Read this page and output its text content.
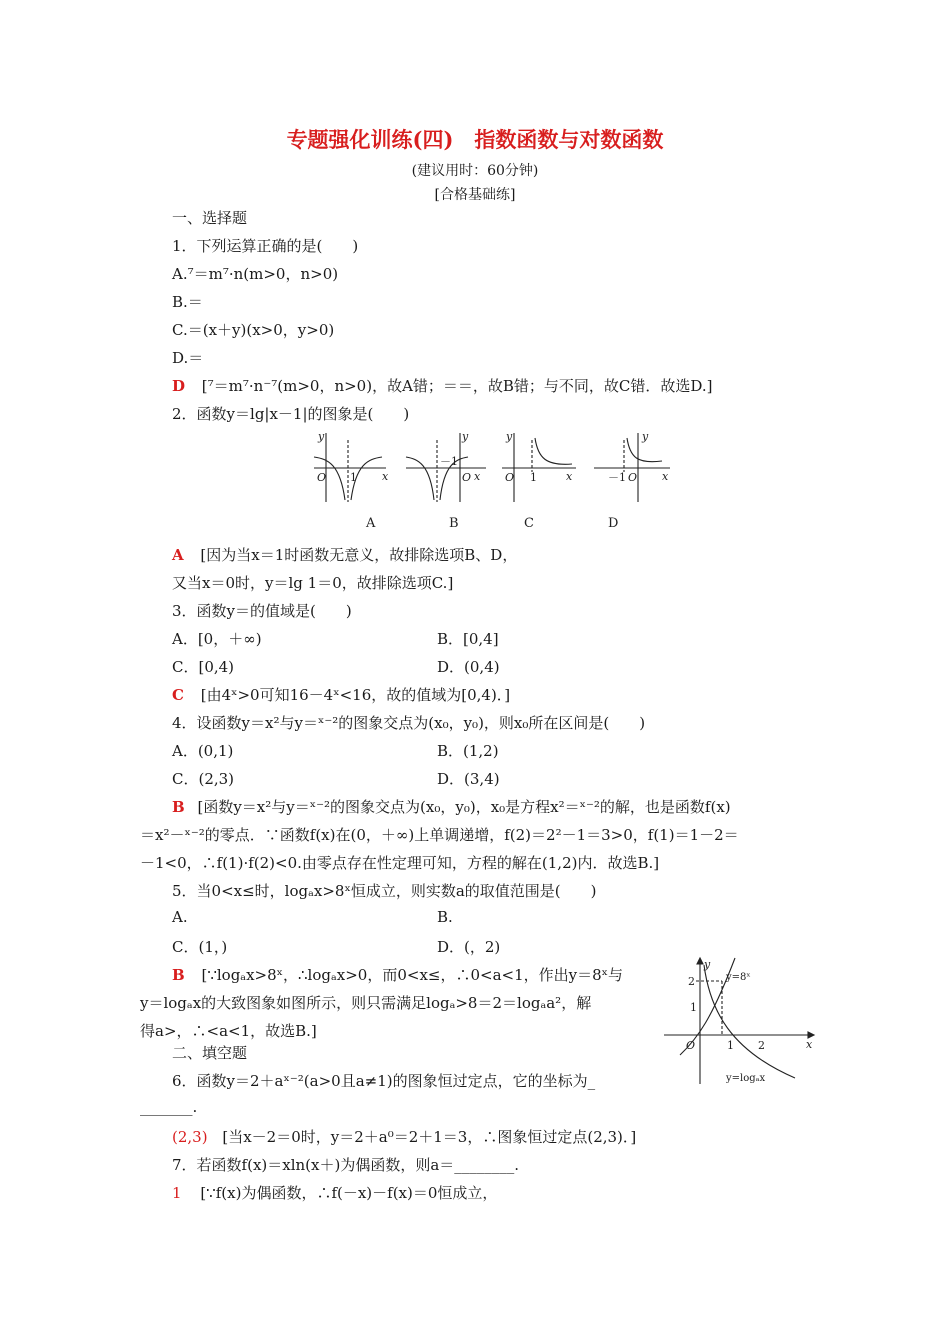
专题强化训练(四)　指数函数与对数函数
(建议用时：60分钟)
[合格基础练]
一、选择题
1．下列运算正确的是(　　)
A.⁷＝m⁷·n(m>0，n>0)
B.＝
C.＝(x＋y)(x>0，y>0)
D.＝
D [⁷＝m⁷·n⁻⁷(m>0，n>0)，故A错；＝＝，故B错；与不同，故C错．故选D.]
2．函数y＝lg|x－1|的图象是(　　)
y
x
O 1
y
x
O
－1
y
x
O 1
y
x
O
－1
A	B	C	D
A [因为当x＝1时函数无意义，故排除选项B、D，
又当x＝0时，y＝lg 1＝0，故排除选项C.]
3．函数y＝的值域是(　　)
A．[0，＋∞)	B．[0,4]
C．[0,4)	D．(0,4)
C [由4ˣ>0可知16－4ˣ<16，故的值域为[0,4)．]
4．设函数y＝x²与y＝ˣ⁻²的图象交点为(x₀，y₀)，则x₀所在区间是(　　)
A．(0,1)	B．(1,2)
C．(2,3)	D．(3,4)
B [函数y＝x²与y＝ˣ⁻²的图象交点为(x₀，y₀)，x₀是方程x²＝ˣ⁻²的解，也是函数f(x)
＝x²－ˣ⁻²的零点．∵函数f(x)在(0，＋∞)上单调递增，f(2)＝2²－1＝3>0，f(1)＝1－2＝
－1<0，∴f(1)·f(2)<0.由零点存在性定理可知，方程的解在(1,2)内．故选B.]
5．当0<x≤时，logₐx>8ˣ恒成立，则实数a的取值范围是(　　)
A.	B.
C．(1，)	D．(，2)
B [∵logₐx>8ˣ，∴logₐx>0，而0<x≤，∴0<a<1，作出y＝8ˣ与
y＝logₐx的大致图象如图所示，则只需满足logₐ>8＝2＝logₐa²，解
得a>，∴<a<1，故选B.]
y
x
O
2
1
1 2
y=8ˣ
y=logₐx
二、填空题
6．函数y＝2＋aˣ⁻²(a>0且a≠1)的图象恒过定点，它的坐标为_
_______.
(2,3) [当x－2＝0时，y＝2＋a⁰＝2＋1＝3，∴图象恒过定点(2,3)．]
7．若函数f(x)＝xln(x＋)为偶函数，则a＝________.
1 [∵f(x)为偶函数，∴f(－x)－f(x)＝0恒成立，
